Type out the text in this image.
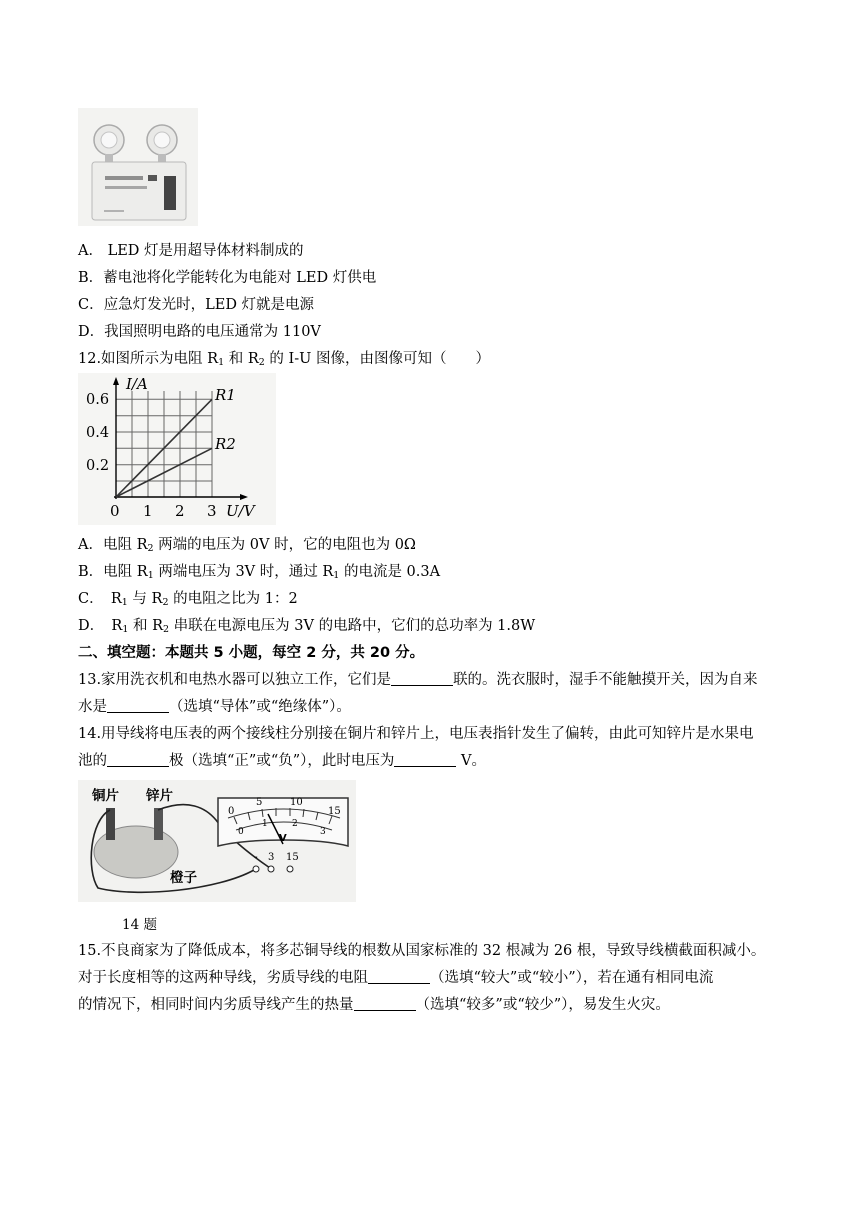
A． LED 灯是用超导体材料制成的
B．蓄电池将化学能转化为电能对 LED 灯供电
C．应急灯发光时，LED 灯就是电源
D．我国照明电路的电压通常为 110V
12.如图所示为电阻 $R_1$ 和 $R_2$ 的 I-U 图像，由图像可知（　　）
I/A
0.6
0.4
0.2
0 1 2 3 U/V
R1
R2
A．电阻 $R_2$ 两端的电压为 0V 时，它的电阻也为 0Ω
B．电阻 $R_1$ 两端电压为 3V 时，通过 $R_1$ 的电流是 0.3A
C．　$R_1$ 与 $R_2$ 的电阻之比为 1：2
D．　$R_1$ 和 $R_2$ 串联在电源电压为 3V 的电路中，它们的总功率为 1.8W
二、填空题：本题共 5 小题，每空 2 分，共 20 分。
13.家用洗衣机和电热水器可以独立工作，它们是	联的。洗衣服时，湿手不能触摸开关，因为自来
水是	（选填“导体”或“绝缘体”）。
14.用导线将电压表的两个接线柱分别接在铜片和锌片上，电压表指针发生了偏转，由此可知锌片是水果电
池的	极（选填“正”或“负”），此时电压为	V。
0
5	10
15
0
1	2
3
V
- 3 15
铜片 锌片
橙子
14 题
15.不良商家为了降低成本，将多芯铜导线的根数从国家标准的 32 根减为 26 根，导致导线横截面积减小。
对于长度相等的这两种导线，劣质导线的电阻	（选填“较大”或“较小”），若在通有相同电流
的情况下，相同时间内劣质导线产生的热量	（选填“较多”或“较少”），易发生火灾。
